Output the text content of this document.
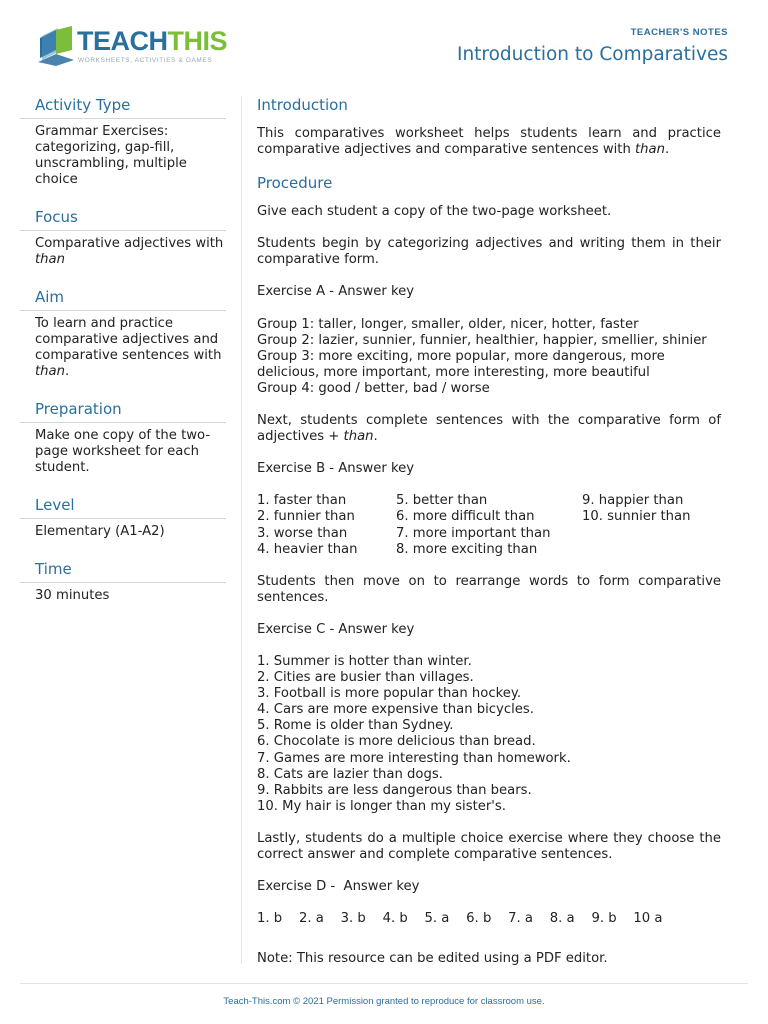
TEACHTHIS
WORKSHEETS, ACTIVITIES & GAMES
TEACHER'S NOTES
Introduction to Comparatives
Activity Type
Grammar Exercises: categorizing, gap-fill, unscrambling, multiple choice
Focus
Comparative adjectives with than
Aim
To learn and practice comparative adjectives and comparative sentences with than.
Preparation
Make one copy of the two-page worksheet for each student.
Level
Elementary (A1-A2)
Time
30 minutes
Introduction
This comparatives worksheet helps students learn and practice comparative adjectives and comparative sentences with than.
Procedure
Give each student a copy of the two-page worksheet.
Students begin by categorizing adjectives and writing them in their comparative form.
Exercise A - Answer key
Group 1: taller, longer, smaller, older, nicer, hotter, faster
Group 2: lazier, sunnier, funnier, healthier, happier, smellier, shinier
Group 3: more exciting, more popular, more dangerous, more delicious, more important, more interesting, more beautiful
Group 4: good / better, bad / worse
Next, students complete sentences with the comparative form of adjectives + than.
Exercise B - Answer key
1. faster than
2. funnier than
3. worse than
4. heavier than
5. better than
6. more difficult than
7. more important than
8. more exciting than
9. happier than
10. sunnier than
Students then move on to rearrange words to form comparative sentences.
Exercise C - Answer key
1. Summer is hotter than winter.
2. Cities are busier than villages.
3. Football is more popular than hockey.
4. Cars are more expensive than bicycles.
5. Rome is older than Sydney.
6. Chocolate is more delicious than bread.
7. Games are more interesting than homework.
8. Cats are lazier than dogs.
9. Rabbits are less dangerous than bears.
10. My hair is longer than my sister's.
Lastly, students do a multiple choice exercise where they choose the correct answer and complete comparative sentences.
Exercise D -  Answer key
1. b 2. a 3. b 4. b 5. a 6. b 7. a 8. a 9. b 10 a
Note: This resource can be edited using a PDF editor.
Teach-This.com © 2021 Permission granted to reproduce for classroom use.
